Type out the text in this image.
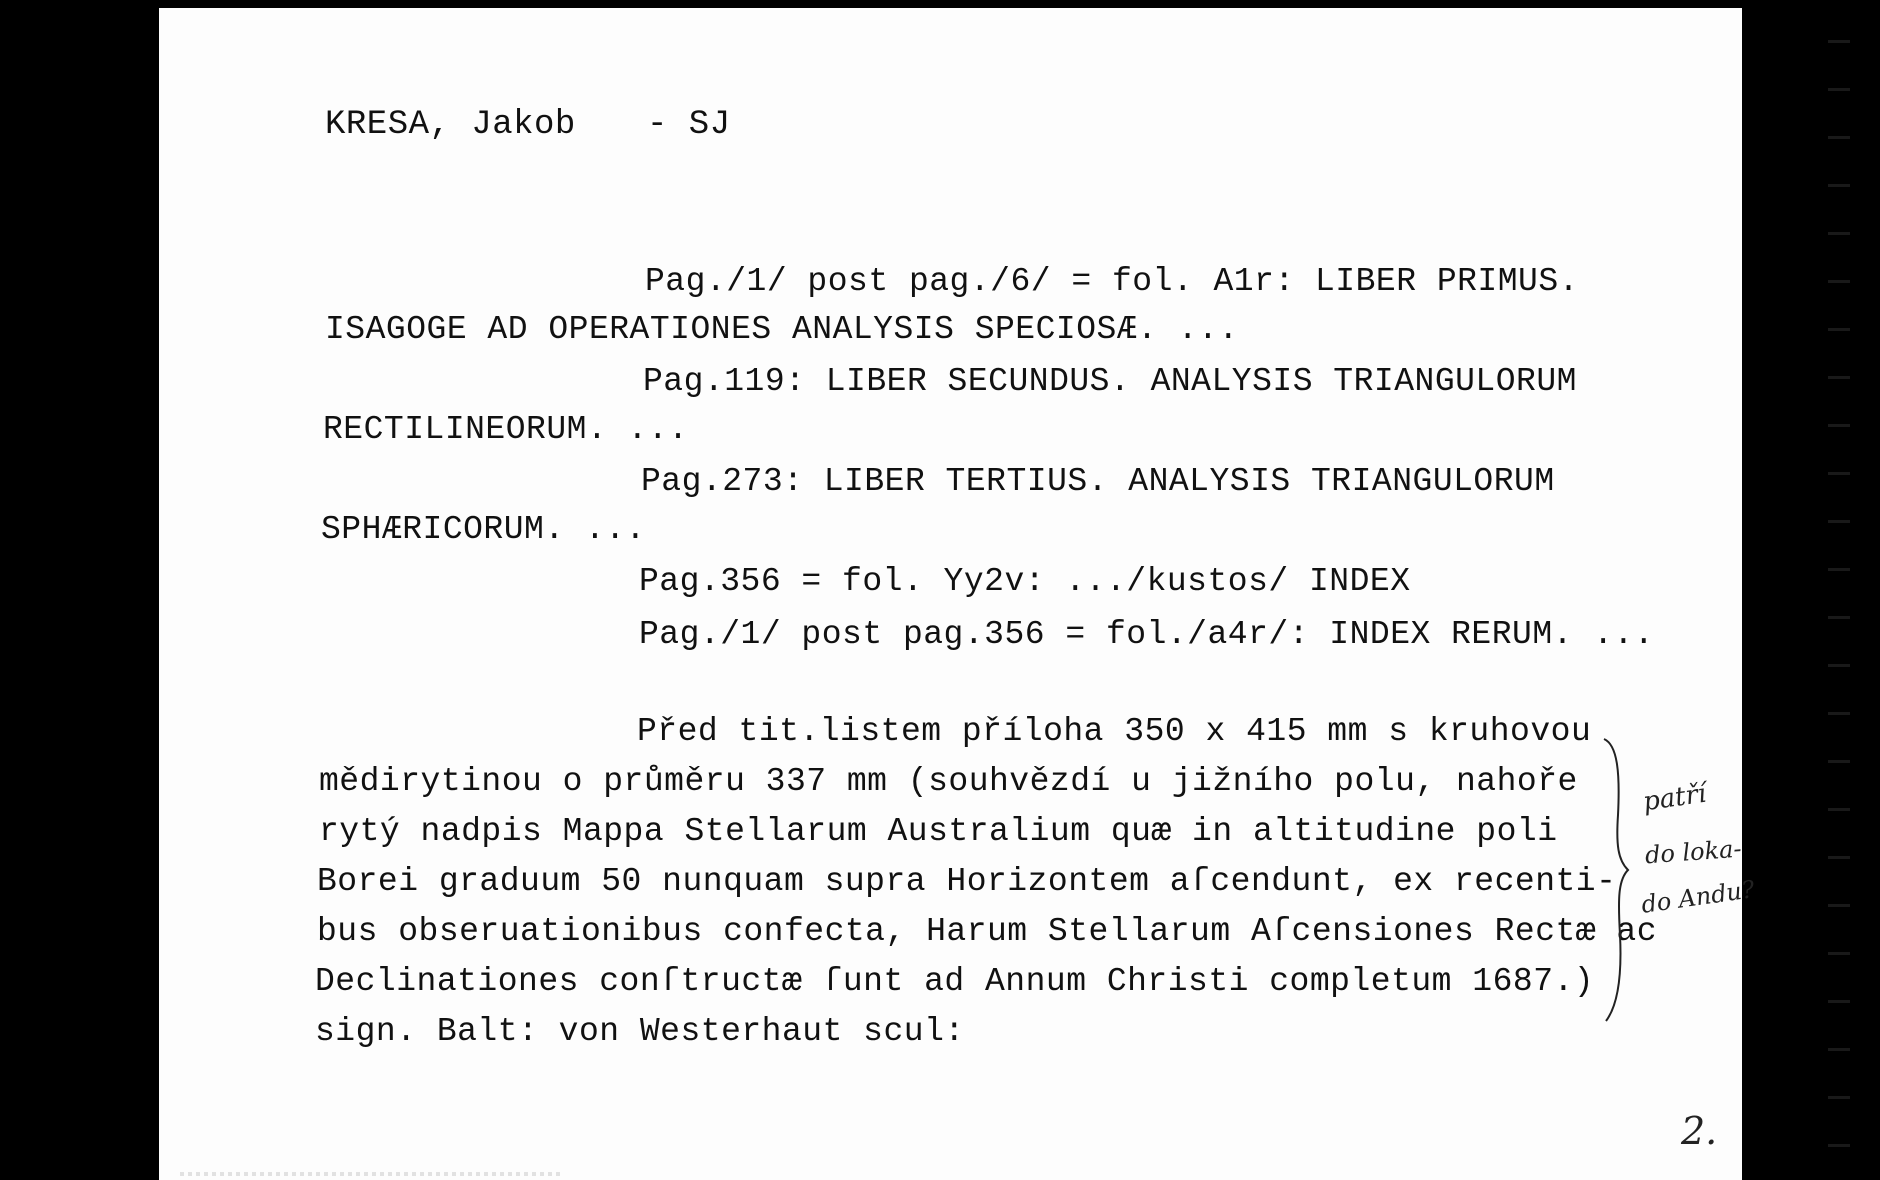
KRESA, Jakob - SJ
Pag./1/ post pag./6/ = fol. A1r: LIBER PRIMUS.
ISAGOGE AD OPERATIONES ANALYSIS SPECIOSÆ. ...
Pag.119: LIBER SECUNDUS. ANALYSIS TRIANGULORUM
RECTILINEORUM. ...
Pag.273: LIBER TERTIUS. ANALYSIS TRIANGULORUM
SPHÆRICORUM. ...
Pag.356 = fol. Yy2v: .../kustos/ INDEX
Pag./1/ post pag.356 = fol./a4r/: INDEX RERUM. ...
Před tit.listem příloha 350 x 415 mm s kruhovou
mědirytinou o průměru 337 mm (souhvězdí u jižního polu, nahoře
rytý nadpis Mappa Stellarum Australium quæ in altitudine poli
Borei graduum 50 nunquam supra Horizontem aſcendunt, ex recenti-
bus obseruationibus confecta, Harum Stellarum Aſcensiones Rectæ ac
Declinationes conſtructæ ſunt ad Annum Christi completum 1687.)
sign. Balt: von Westerhaut scul:
patří
do loka-
do Andu?
2.
